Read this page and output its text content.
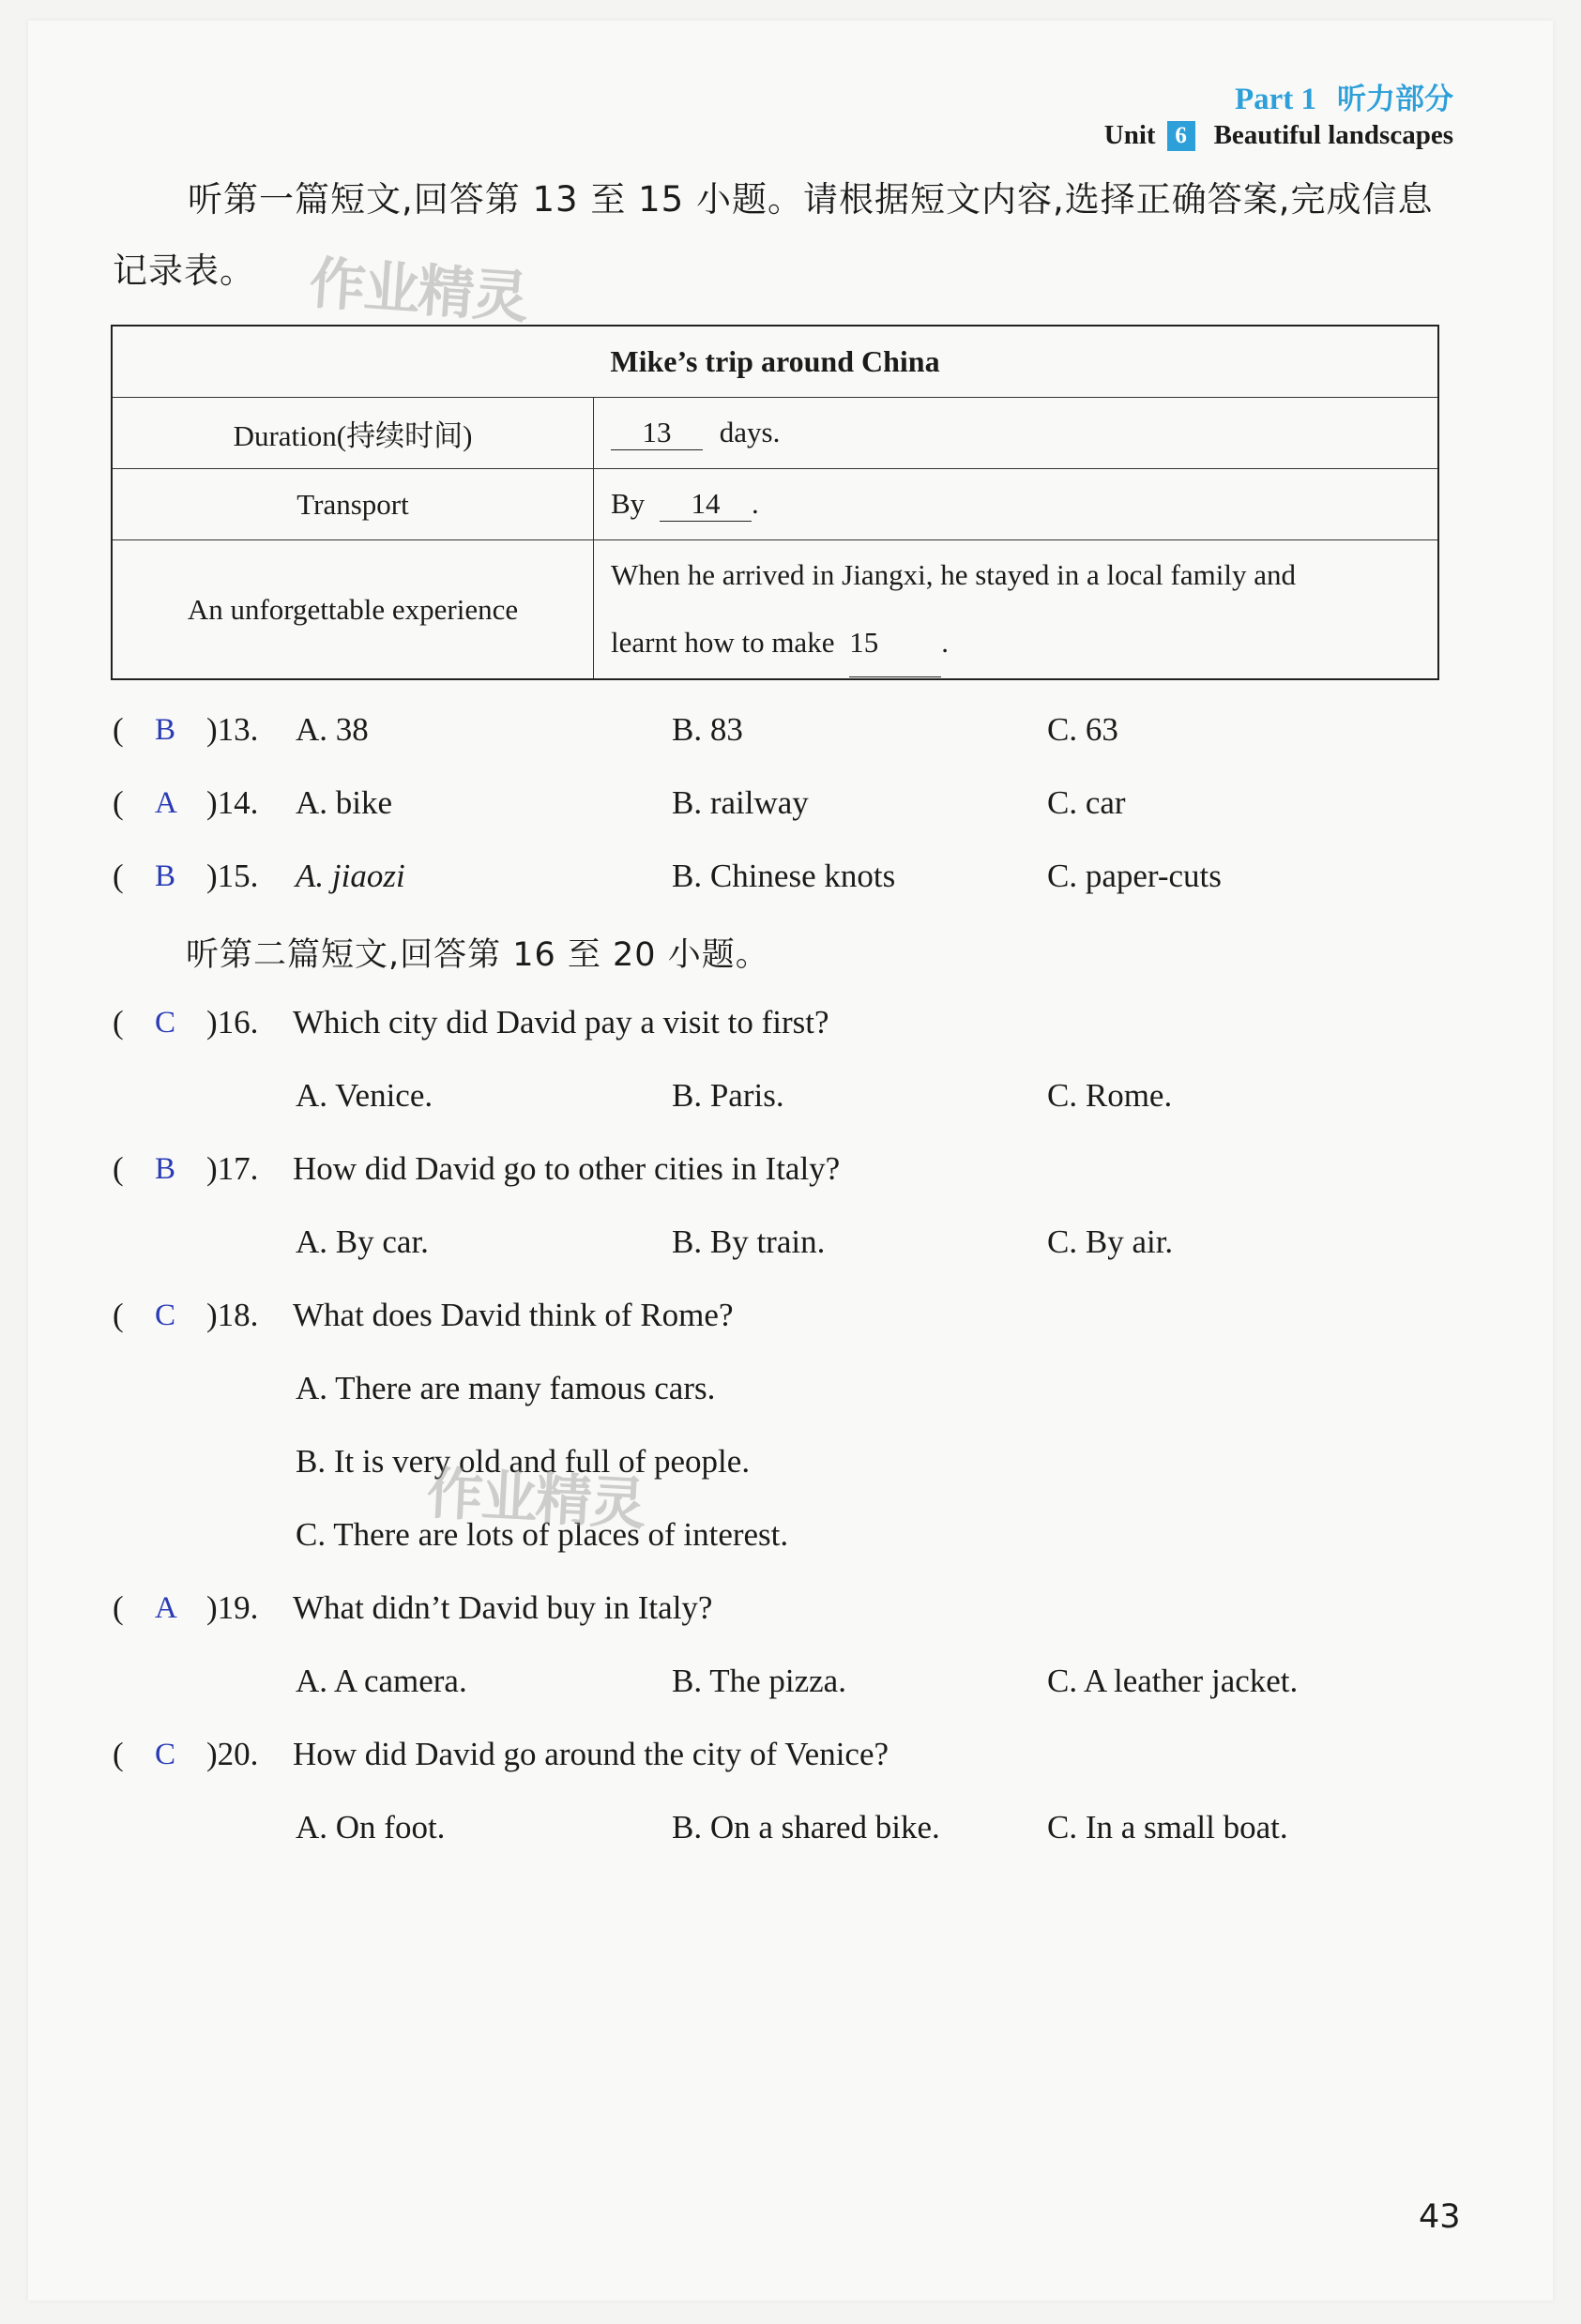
Part 1 听力部分
Unit 6 Beautiful landscapes
听第一篇短文,回答第 13 至 15 小题。请根据短文内容,选择正确答案,完成信息记录表。 作业精灵
Mike’s trip around China	
Duration(持续时间)	13 days.
Transport	By 14 .
An unforgettable experience	When he arrived in Jiangxi, he stayed in a local family and
learnt how to make 15 .
( B )13. A. 38	B. 83	C. 63
( A )14. A. bike	B. railway	C. car
( B )15. A. jiaozi	B. Chinese knots	C. paper-cuts
听第二篇短文,回答第 16 至 20 小题。
( C )16. Which city did David pay a visit to first?
A. Venice.	B. Paris.	C. Rome.
( B )17. How did David go to other cities in Italy?
A. By car.	B. By train.	C. By air.
( C )18. What does David think of Rome?
A. There are many famous cars.
B. It is very old and full of people.
C. There are lots of places of interest.
作业精灵
( A )19. What didn’t David buy in Italy?
A. A camera.	B. The pizza.	C. A leather jacket.
( C )20. How did David go around the city of Venice?
A. On foot.	B. On a shared bike.	C. In a small boat.
43
